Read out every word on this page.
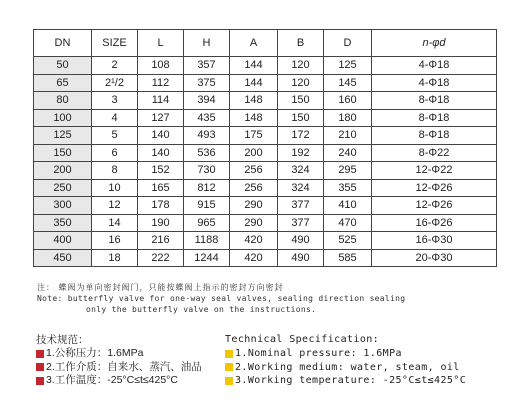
DN	SIZE	L	H	A	B	D	n-φd
50	2	108	357	144	120	125	4-Φ18
65	2¹/2	112	375	144	120	145	4-Φ18
80	3	114	394	148	150	160	8-Φ18
100	4	127	435	148	150	180	8-Φ18
125	5	140	493	175	172	210	8-Φ18
150	6	140	536	200	192	240	8-Φ22
200	8	152	730	256	324	295	12-Φ22
250	10	165	812	256	324	355	12-Φ26
300	12	178	915	290	377	410	12-Φ26
350	14	190	965	290	377	470	16-Φ26
400	16	216	1188	420	490	525	16-Φ30
450	18	222	1244	420	490	585	20-Φ30
注： 蝶阀为单向密封阀门，只能按蝶阀上指示的密封方向密封
Note: butterfly valve for one-way seal valves, sealing direction sealing
only the butterfly valve on the instructions.
技术规范：
1.公称压力：1.6MPa
2.工作介质：自来水、蒸汽、油品
3.工作温度：-25°C≤t≤425°C
Technical Specification:
1.Nominal pressure: 1.6MPa
2.Working medium: water, steam, oil
3.Working temperature: -25°C≤t≤425°C
